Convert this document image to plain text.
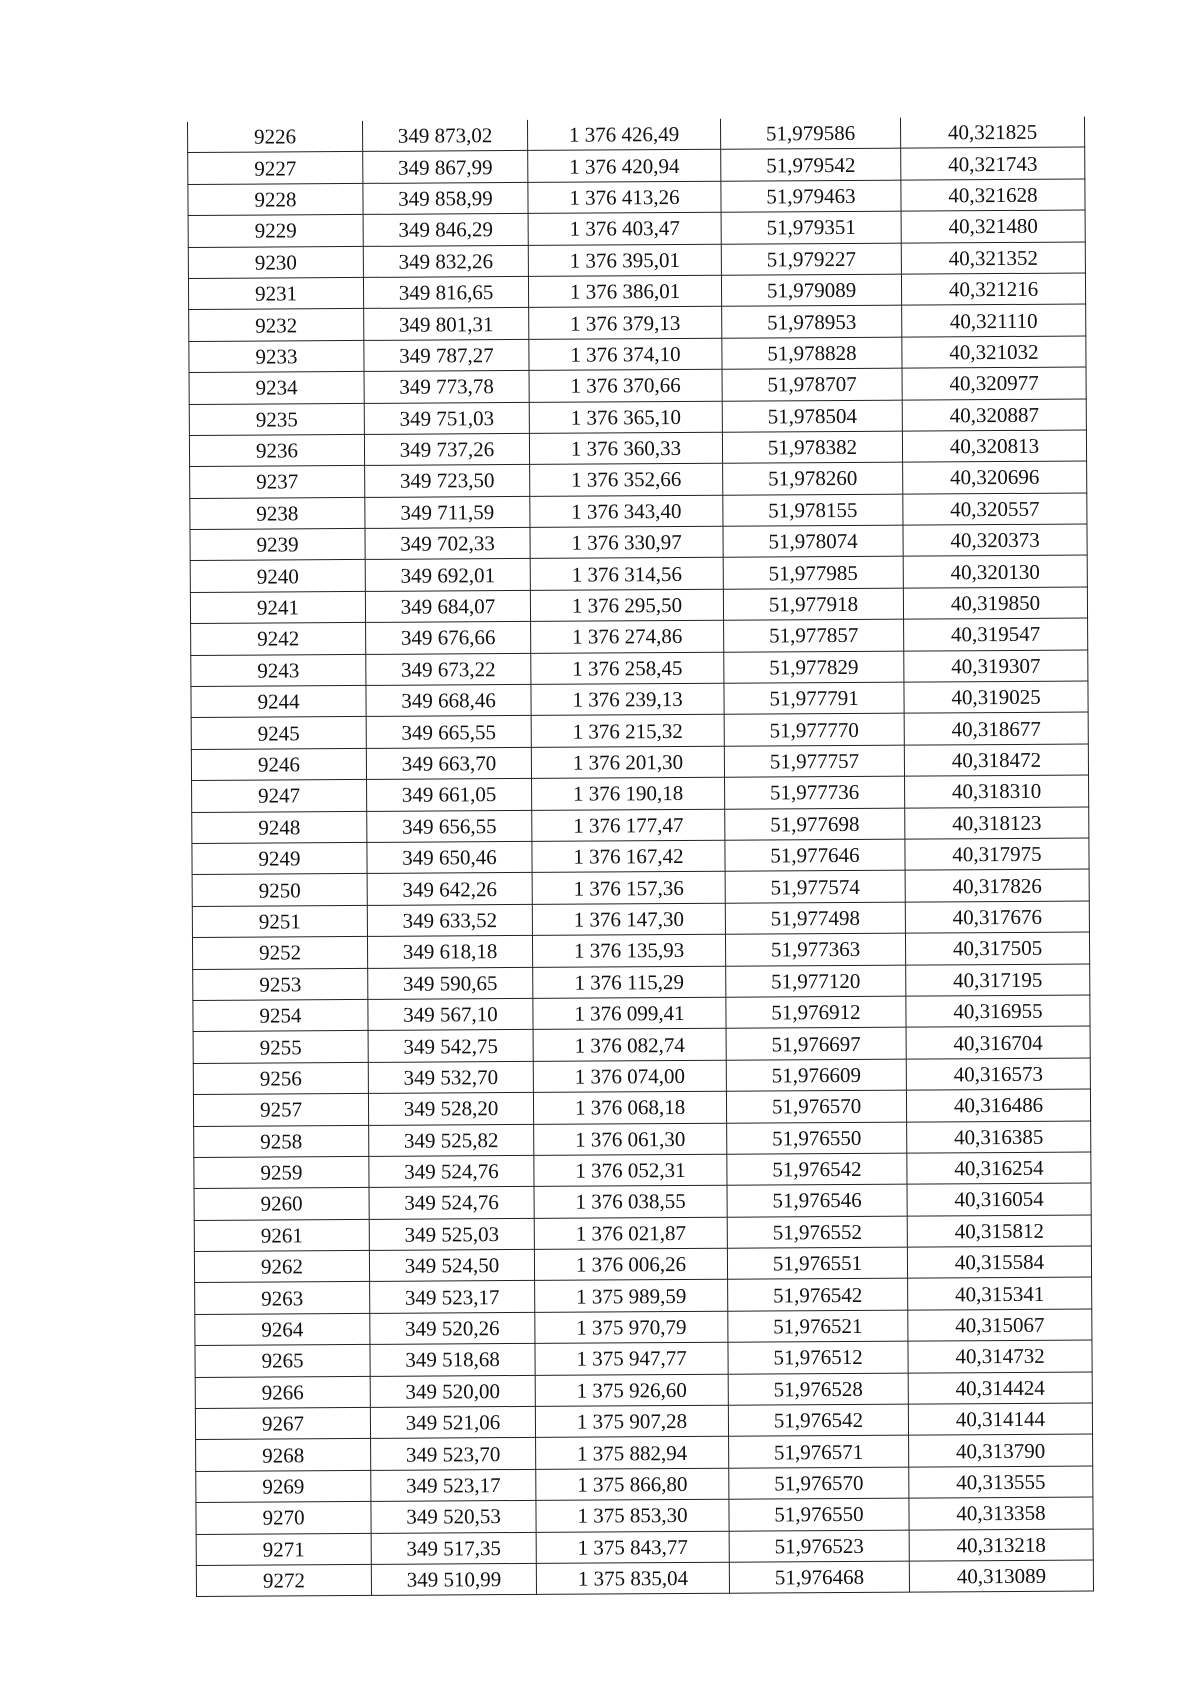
9226	349 873,02	1 376 426,49	51,979586	40,321825
9227	349 867,99	1 376 420,94	51,979542	40,321743
9228	349 858,99	1 376 413,26	51,979463	40,321628
9229	349 846,29	1 376 403,47	51,979351	40,321480
9230	349 832,26	1 376 395,01	51,979227	40,321352
9231	349 816,65	1 376 386,01	51,979089	40,321216
9232	349 801,31	1 376 379,13	51,978953	40,321110
9233	349 787,27	1 376 374,10	51,978828	40,321032
9234	349 773,78	1 376 370,66	51,978707	40,320977
9235	349 751,03	1 376 365,10	51,978504	40,320887
9236	349 737,26	1 376 360,33	51,978382	40,320813
9237	349 723,50	1 376 352,66	51,978260	40,320696
9238	349 711,59	1 376 343,40	51,978155	40,320557
9239	349 702,33	1 376 330,97	51,978074	40,320373
9240	349 692,01	1 376 314,56	51,977985	40,320130
9241	349 684,07	1 376 295,50	51,977918	40,319850
9242	349 676,66	1 376 274,86	51,977857	40,319547
9243	349 673,22	1 376 258,45	51,977829	40,319307
9244	349 668,46	1 376 239,13	51,977791	40,319025
9245	349 665,55	1 376 215,32	51,977770	40,318677
9246	349 663,70	1 376 201,30	51,977757	40,318472
9247	349 661,05	1 376 190,18	51,977736	40,318310
9248	349 656,55	1 376 177,47	51,977698	40,318123
9249	349 650,46	1 376 167,42	51,977646	40,317975
9250	349 642,26	1 376 157,36	51,977574	40,317826
9251	349 633,52	1 376 147,30	51,977498	40,317676
9252	349 618,18	1 376 135,93	51,977363	40,317505
9253	349 590,65	1 376 115,29	51,977120	40,317195
9254	349 567,10	1 376 099,41	51,976912	40,316955
9255	349 542,75	1 376 082,74	51,976697	40,316704
9256	349 532,70	1 376 074,00	51,976609	40,316573
9257	349 528,20	1 376 068,18	51,976570	40,316486
9258	349 525,82	1 376 061,30	51,976550	40,316385
9259	349 524,76	1 376 052,31	51,976542	40,316254
9260	349 524,76	1 376 038,55	51,976546	40,316054
9261	349 525,03	1 376 021,87	51,976552	40,315812
9262	349 524,50	1 376 006,26	51,976551	40,315584
9263	349 523,17	1 375 989,59	51,976542	40,315341
9264	349 520,26	1 375 970,79	51,976521	40,315067
9265	349 518,68	1 375 947,77	51,976512	40,314732
9266	349 520,00	1 375 926,60	51,976528	40,314424
9267	349 521,06	1 375 907,28	51,976542	40,314144
9268	349 523,70	1 375 882,94	51,976571	40,313790
9269	349 523,17	1 375 866,80	51,976570	40,313555
9270	349 520,53	1 375 853,30	51,976550	40,313358
9271	349 517,35	1 375 843,77	51,976523	40,313218
9272	349 510,99	1 375 835,04	51,976468	40,313089
